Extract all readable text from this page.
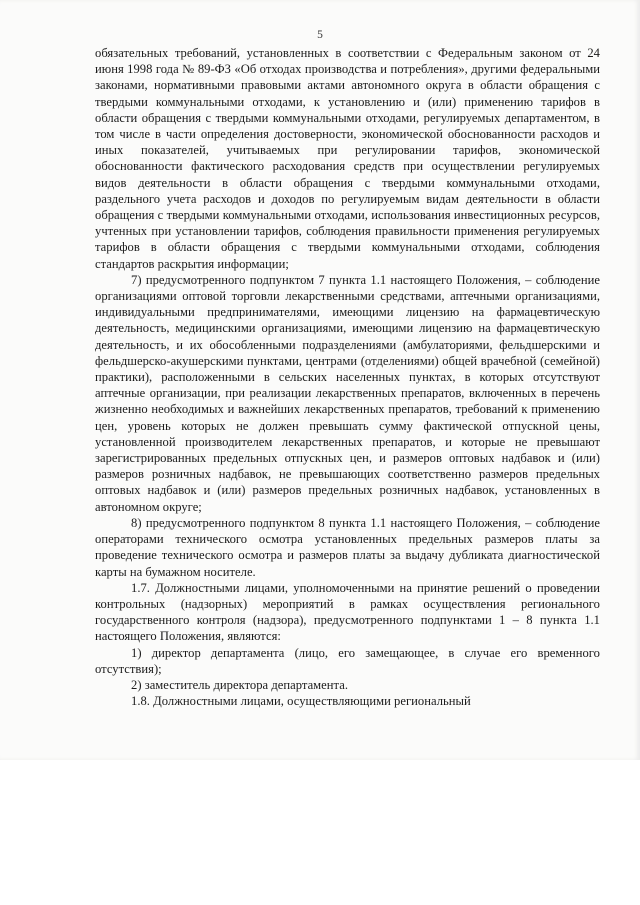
5

обязательных требований, установленных в соответствии с Федеральным законом от 24 июня 1998 года № 89-ФЗ «Об отходах производства и потребления», другими федеральными законами, нормативными правовыми актами автономного округа в области обращения с твердыми коммунальными отходами, к установлению и (или) применению тарифов в области обращения с твердыми коммунальными отходами, регулируемых департаментом, в том числе в части определения достоверности, экономической обоснованности расходов и иных показателей, учитываемых при регулировании тарифов, экономической обоснованности фактического расходования средств при осуществлении регулируемых видов деятельности в области обращения с твердыми коммунальными отходами, раздельного учета расходов и доходов по регулируемым видам деятельности в области обращения с твердыми коммунальными отходами, использования инвестиционных ресурсов, учтенных при установлении тарифов, соблюдения правильности применения регулируемых тарифов в области обращения с твердыми коммунальными отходами, соблюдения стандартов раскрытия информации;

7) предусмотренного подпунктом 7 пункта 1.1 настоящего Положения, – соблюдение организациями оптовой торговли лекарственными средствами, аптечными организациями, индивидуальными предпринимателями, имеющими лицензию на фармацевтическую деятельность, медицинскими организациями, имеющими лицензию на фармацевтическую деятельность, и их обособленными подразделениями (амбулаториями, фельдшерскими и фельдшерско-акушерскими пунктами, центрами (отделениями) общей врачебной (семейной) практики), расположенными в сельских населенных пунктах, в которых отсутствуют аптечные организации, при реализации лекарственных препаратов, включенных в перечень жизненно необходимых и важнейших лекарственных препаратов, требований к применению цен, уровень которых не должен превышать сумму фактической отпускной цены, установленной производителем лекарственных препаратов, и которые не превышают зарегистрированных предельных отпускных цен, и размеров оптовых надбавок и (или) размеров розничных надбавок, не превышающих соответственно размеров предельных оптовых надбавок и (или) размеров предельных розничных надбавок, установленных в автономном округе;

8) предусмотренного подпунктом 8 пункта 1.1 настоящего Положения, – соблюдение операторами технического осмотра установленных предельных размеров платы за проведение технического осмотра и размеров платы за выдачу дубликата диагностической карты на бумажном носителе.

1.7. Должностными лицами, уполномоченными на принятие решений о проведении контрольных (надзорных) мероприятий в рамках осуществления регионального государственного контроля (надзора), предусмотренного подпунктами 1 – 8 пункта 1.1 настоящего Положения, являются:

1) директор департамента (лицо, его замещающее, в случае его временного отсутствия);

2) заместитель директора департамента.

1.8. Должностными лицами, осуществляющими региональный
